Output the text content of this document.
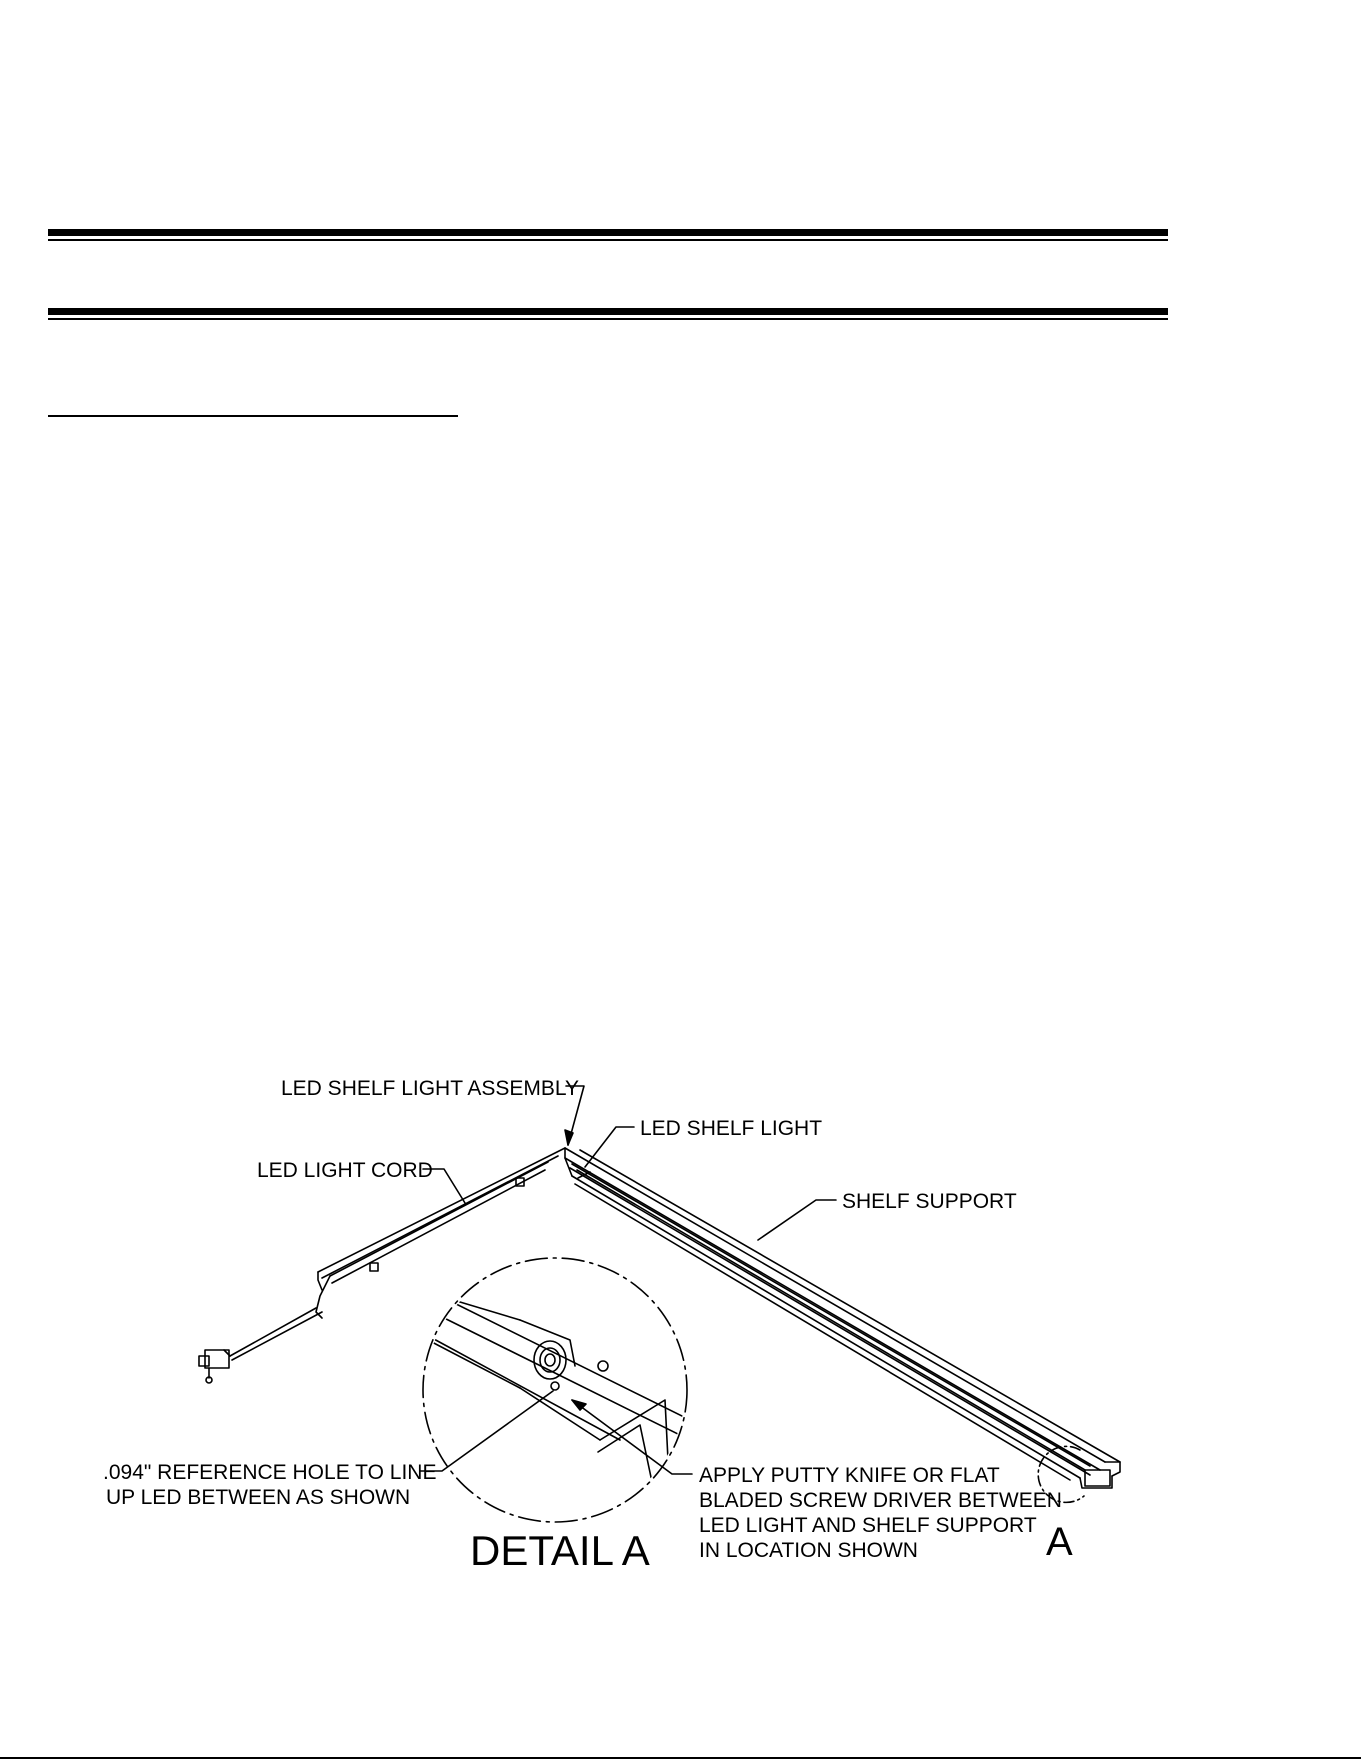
LED SHELF LIGHT ASSEMBLY
LED SHELF LIGHT
LED LIGHT CORD
SHELF SUPPORT
.094" REFERENCE HOLE TO LINE
UP LED BETWEEN AS SHOWN
APPLY PUTTY KNIFE OR FLAT
BLADED SCREW DRIVER BETWEEN
LED LIGHT AND SHELF SUPPORT
IN LOCATION SHOWN
DETAIL A	A
